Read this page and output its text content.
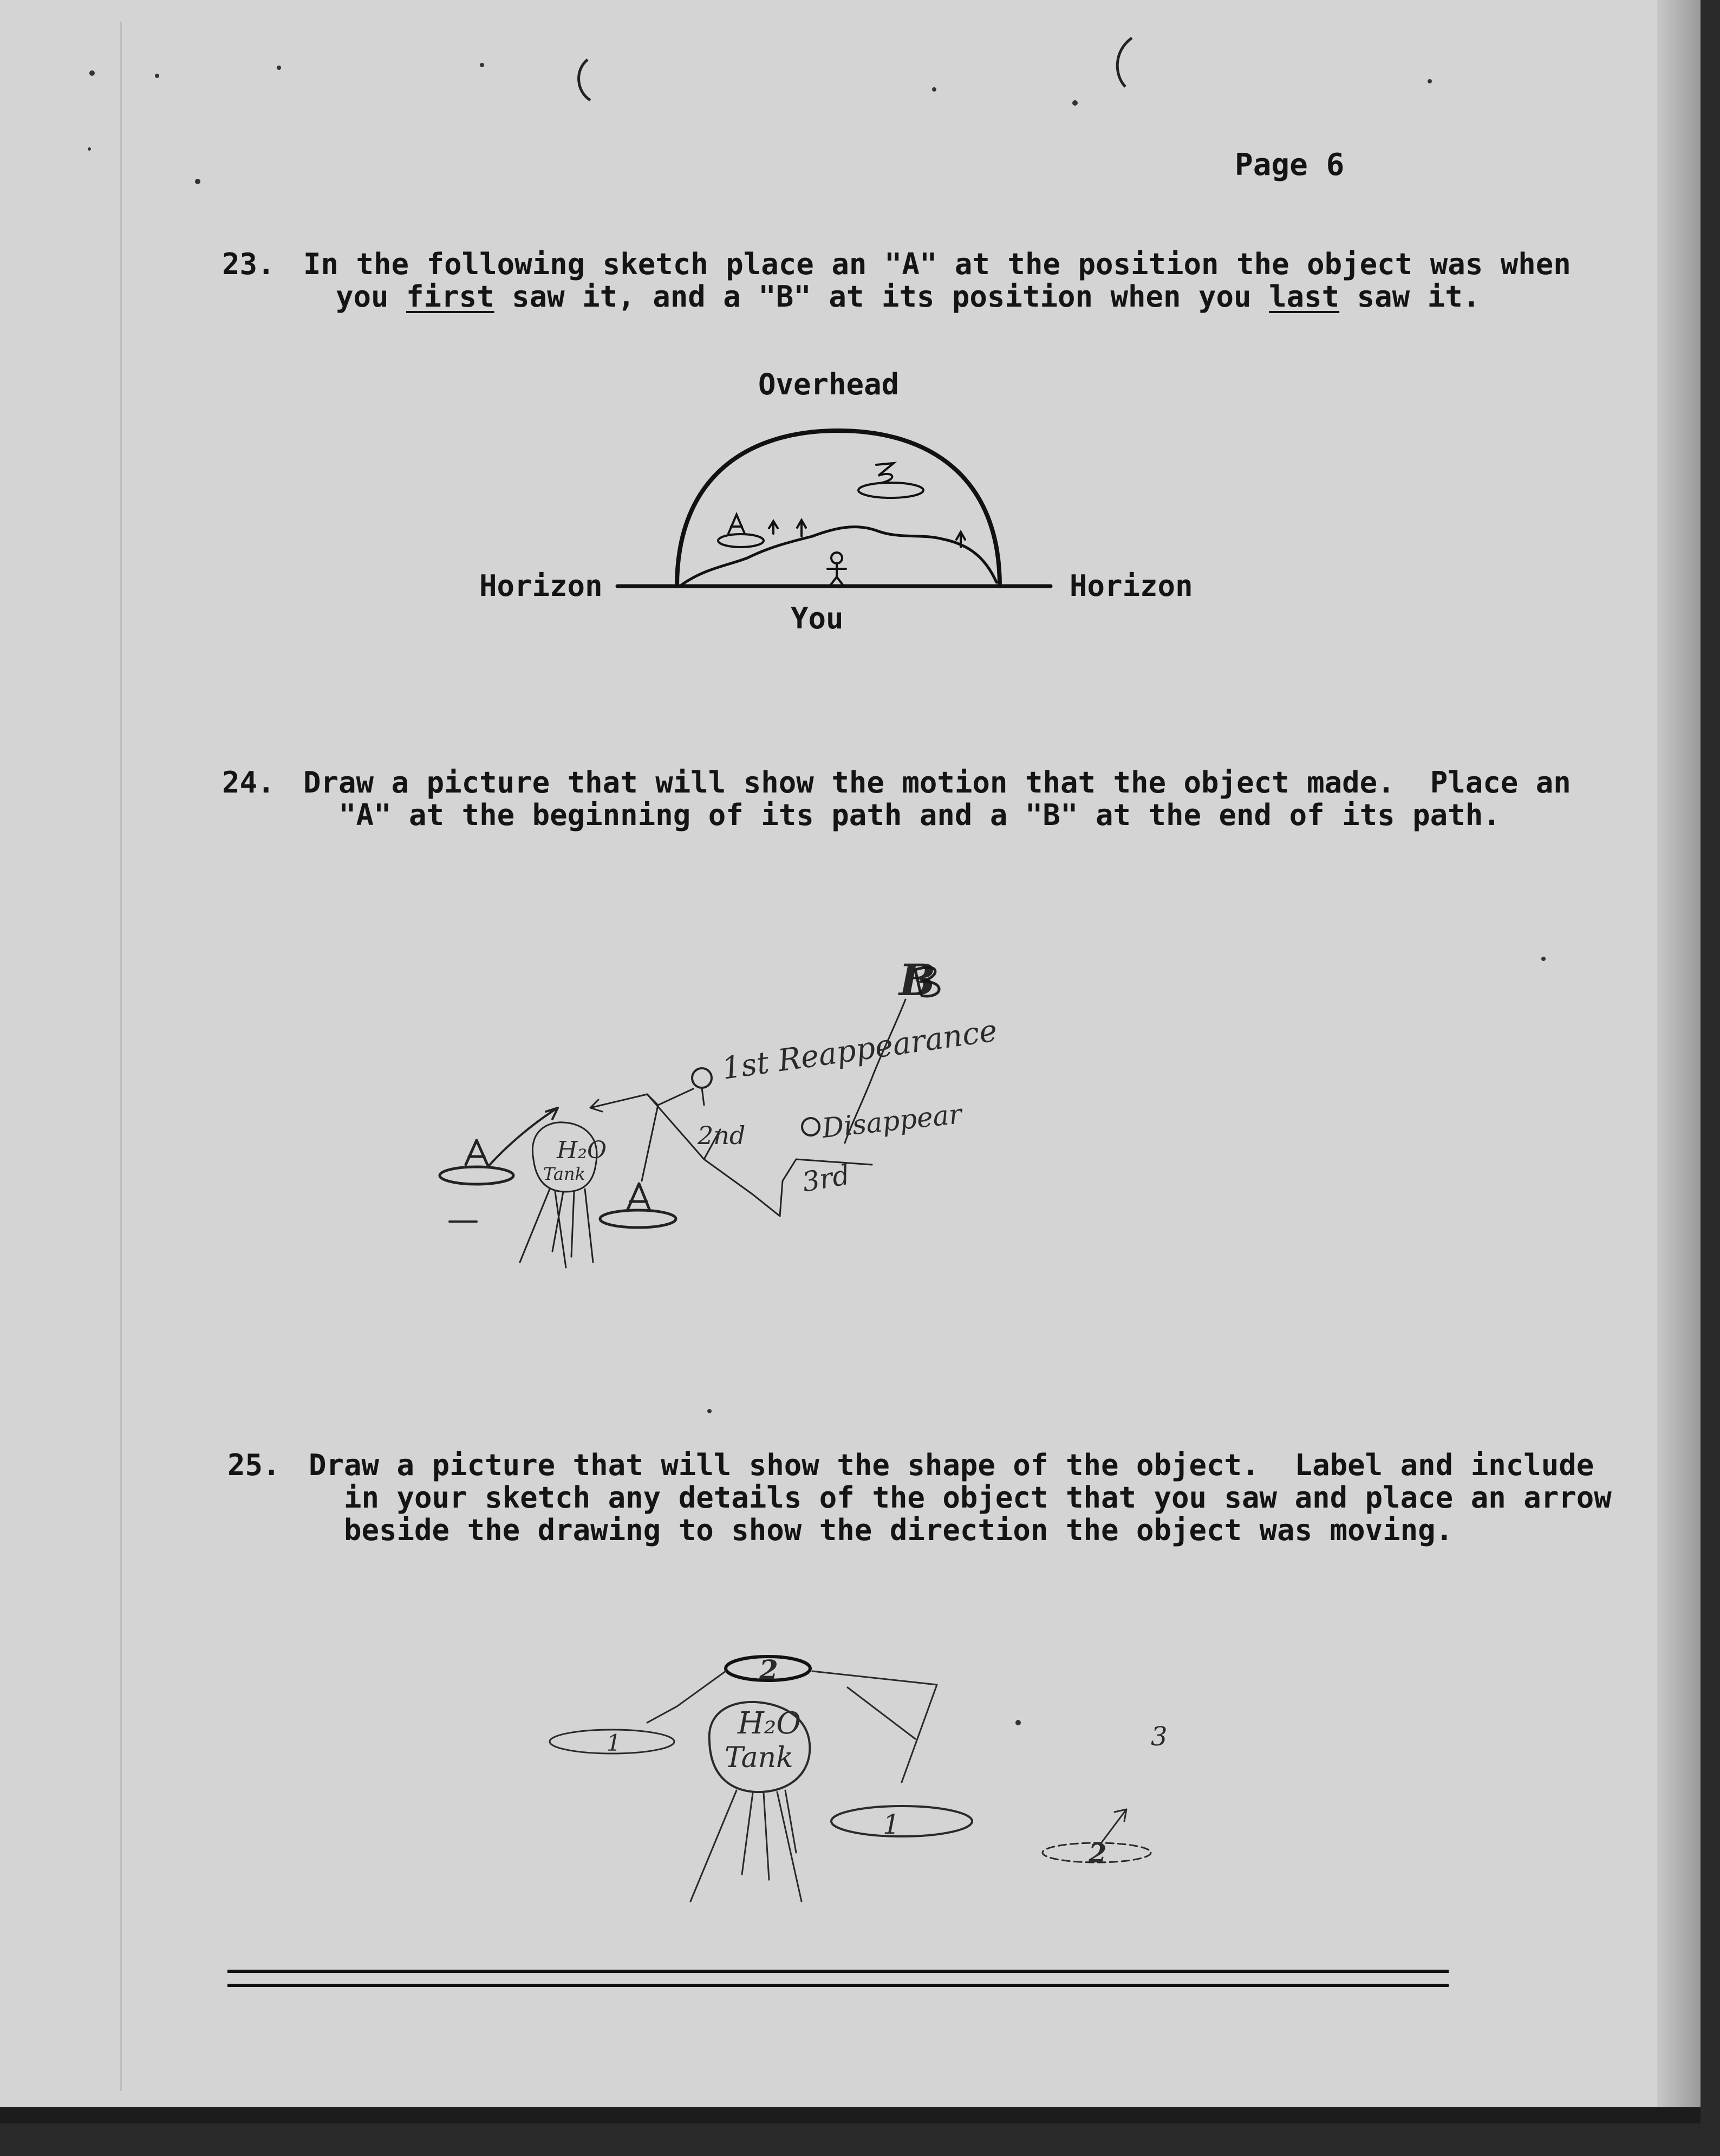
Page 6

23.

In the following sketch place an "A" at the position the object was when

you first saw it, and a "B" at its position when you last saw it.

Overhead
Horizon	Horizon
You
H₂O
Tank
1st Reappearance
2nd	Disappear
3rd
2
1
1
2
3
H₂O
Tank
B

24.

Draw a picture that will show the motion that the object made.  Place an

"A" at the beginning of its path and a "B" at the end of its path.

25.

Draw a picture that will show the shape of the object.  Label and include

in your sketch any details of the object that you saw and place an arrow

beside the drawing to show the direction the object was moving.
